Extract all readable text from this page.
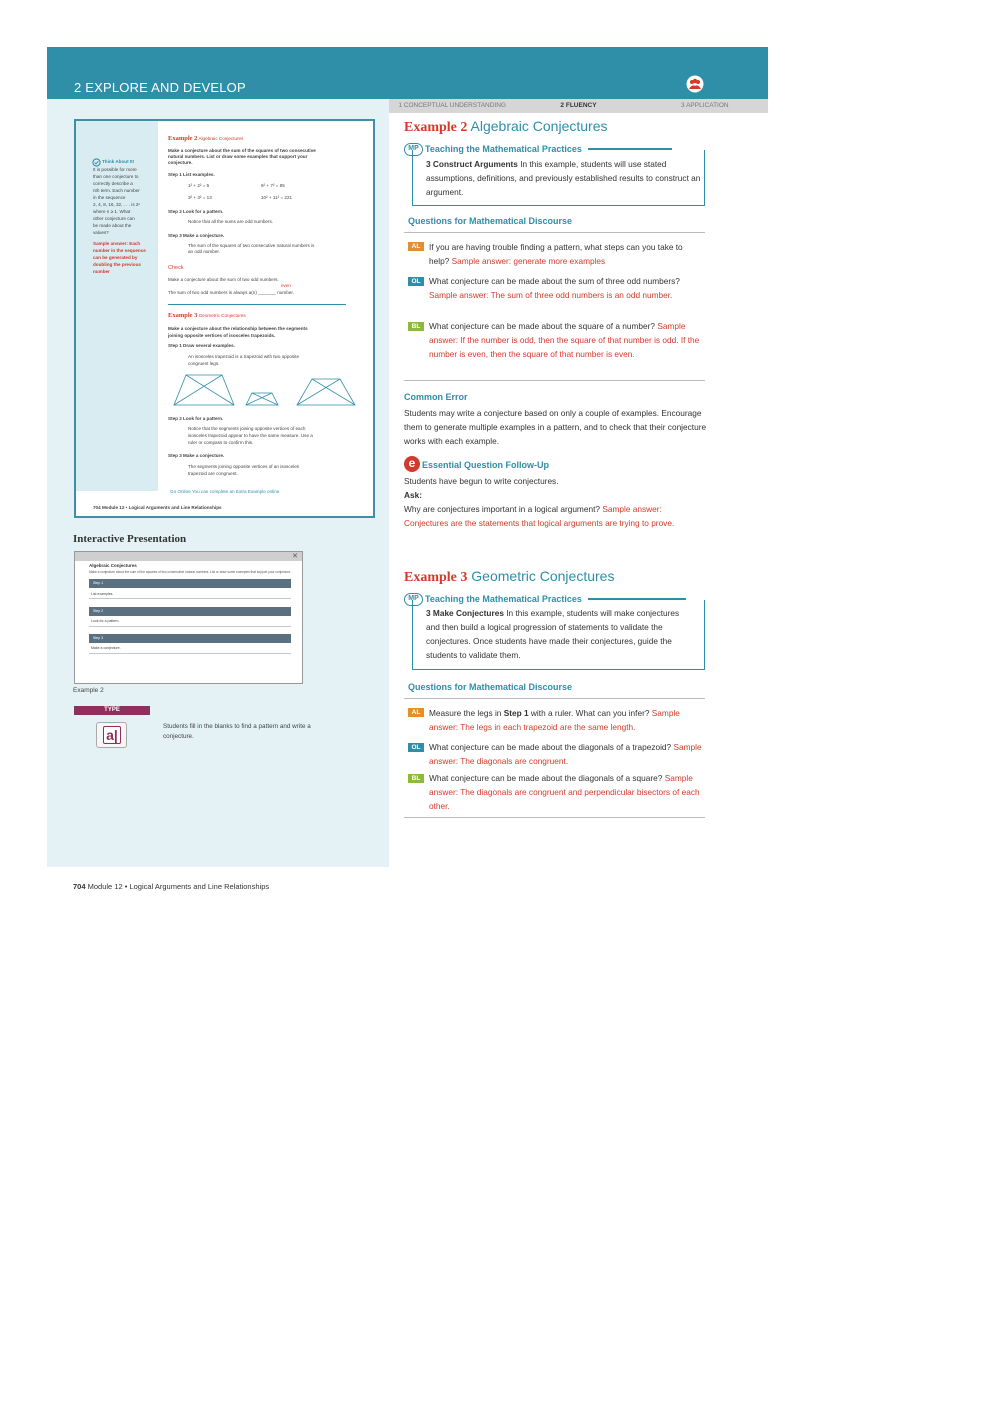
2 EXPLORE AND DEVELOP
1 CONCEPTUAL UNDERSTANDING	2 FLUENCY	3 APPLICATION
Think About It!
It is possible for more
than one conjecture to
correctly describe a
nth term. Each number
in the sequence
2, 4, 8, 16, 32, . . . is 2ⁿ
where n ≥ 1. What
other conjecture can
be made about the
values?
Sample answer: Each
number in the sequence
can be generated by
doubling the previous
number
Example 2 Algebraic Conjectures
Make a conjecture about the sum of the squares of two consecutive
natural numbers. List or draw some examples that support your
conjecture.
Step 1 List examples.
1² + 2² = 5	6² + 7² = 85
3² + 3² = 13	10² + 11² = 221
Step 2 Look for a pattern.
Notice that all the sums are odd numbers.
Step 3 Make a conjecture.
The sum of the squares of two consecutive natural numbers is
an odd number.
Check
Make a conjecture about the sum of two odd numbers.
even
The sum of two odd numbers is always a(n) _______ number.
Example 3 Geometric Conjectures
Make a conjecture about the relationship between the segments
joining opposite vertices of isosceles trapezoids.
Step 1 Draw several examples.
An isosceles trapezoid is a trapezoid with two opposite
congruent legs.
Step 2 Look for a pattern.
Notice that the segments joining opposite vertices of each
isosceles trapezoid appear to have the same measure. Use a
ruler or compass to confirm this.
Step 3 Make a conjecture.
The segments joining opposite vertices of an isosceles
trapezoid are congruent.
Go Online You can complete an Extra Example online.
704 Module 12 • Logical Arguments and Line Relationships
Interactive Presentation
✕
Algebraic Conjectures
Make a conjecture about the sum of the squares of two consecutive natural numbers. List or draw some examples that support your conjecture.
Step 1
List examples.
Step 2
Look for a pattern.
Step 3
Make a conjecture.
Example 2
TYPE
a|
Students fill in the blanks to find a pattern and write a conjecture.
704 Module 12 • Logical Arguments and Line Relationships
Example 2 Algebraic Conjectures
MP Teaching the Mathematical Practices
3 Construct Arguments In this example, students will use stated assumptions, definitions, and previously established results to construct an argument.
Questions for Mathematical Discourse
AL	If you are having trouble finding a pattern, what steps can you take to help? Sample answer: generate more examples
OL	What conjecture can be made about the sum of three odd numbers? Sample answer: The sum of three odd numbers is an odd number.
BL	What conjecture can be made about the square of a number? Sample answer: If the number is odd, then the square of that number is odd. If the number is even, then the square of that number is even.
Common Error
Students may write a conjecture based on only a couple of examples. Encourage them to generate multiple examples in a pattern, and to check that their conjecture works with each example.
e Essential Question Follow-Up
Students have begun to write conjectures.
Ask:
Why are conjectures important in a logical argument? Sample answer: Conjectures are the statements that logical arguments are trying to prove.
Example 3 Geometric Conjectures
MP Teaching the Mathematical Practices
3 Make Conjectures In this example, students will make conjectures and then build a logical progression of statements to validate the conjectures. Once students have made their conjectures, guide the students to validate them.
Questions for Mathematical Discourse
AL	Measure the legs in Step 1 with a ruler. What can you infer? Sample answer: The legs in each trapezoid are the same length.
OL	What conjecture can be made about the diagonals of a trapezoid? Sample answer: The diagonals are congruent.
BL	What conjecture can be made about the diagonals of a square? Sample answer: The diagonals are congruent and perpendicular bisectors of each other.
